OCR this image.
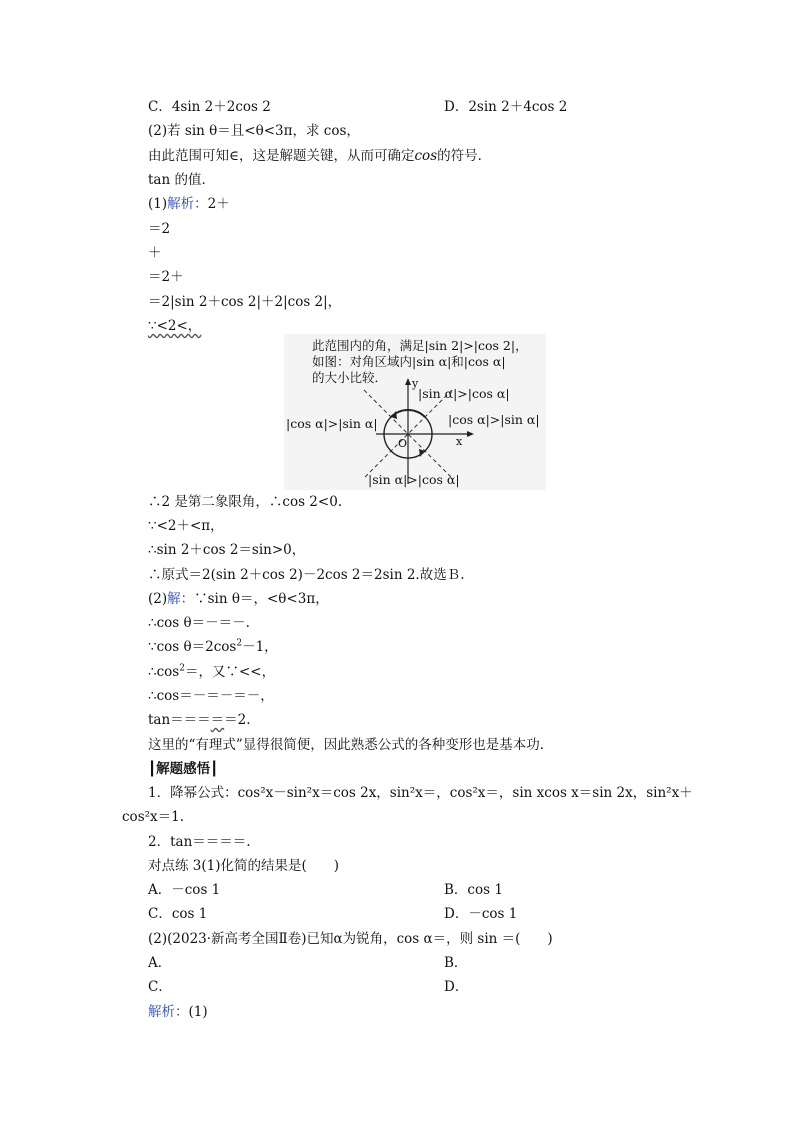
C．4sin 2＋2cos 2	D．2sin 2＋4cos 2
(2)若 sin θ＝且<θ<3π，求 cos，
由此范围可知∈，这是解题关键，从而可确定cos的符号．
tan 的值．
(1)解析：2＋
＝2
＋
＝2＋
＝2|sin 2＋cos 2|＋2|cos 2|，
∵<2<，
此范围内的角，满足|sin 2|>|cos 2|，
如图：对角区域内|sin α|和|cos α|
的大小比较． y
x
O
|sin α|>|cos α|
|cos α|>|sin α|	|cos α|>|sin α|
|sin α|>|cos α|
∴2 是第二象限角，∴cos 2<0.
∵<2＋<π，
∴sin 2＋cos 2＝sin>0，
∴原式＝2(sin 2＋cos 2)－2cos 2＝2sin 2.故选Ｂ.
(2)解：∵sin θ＝，<θ<3π，
∴cos θ＝－＝－.
∵cos $\theta=2\cos^2-1$，
$\therefore\cos^2=$，又∵<<，
∴cos＝－＝－＝－，
tan＝＝＝＝＝2.
这里的“有理式”显得很简便，因此熟悉公式的各种变形也是基本功．
┃解题感悟┃
1．降幂公式：cos²x－sin²x＝cos 2x，sin²x＝，cos²x＝，sin xcos x＝sin 2x，sin²x＋
cos²x＝1.
2．tan＝＝＝＝.
对点练 3(1)化简的结果是(　　)
A．－cos 1	B．cos 1
C．cos 1	D．－cos 1
(2)(2023·新高考全国Ⅱ卷)已知α为锐角，cos α＝，则 sin ＝(　　)
A．	B．
C．	D．
解析：(1)
